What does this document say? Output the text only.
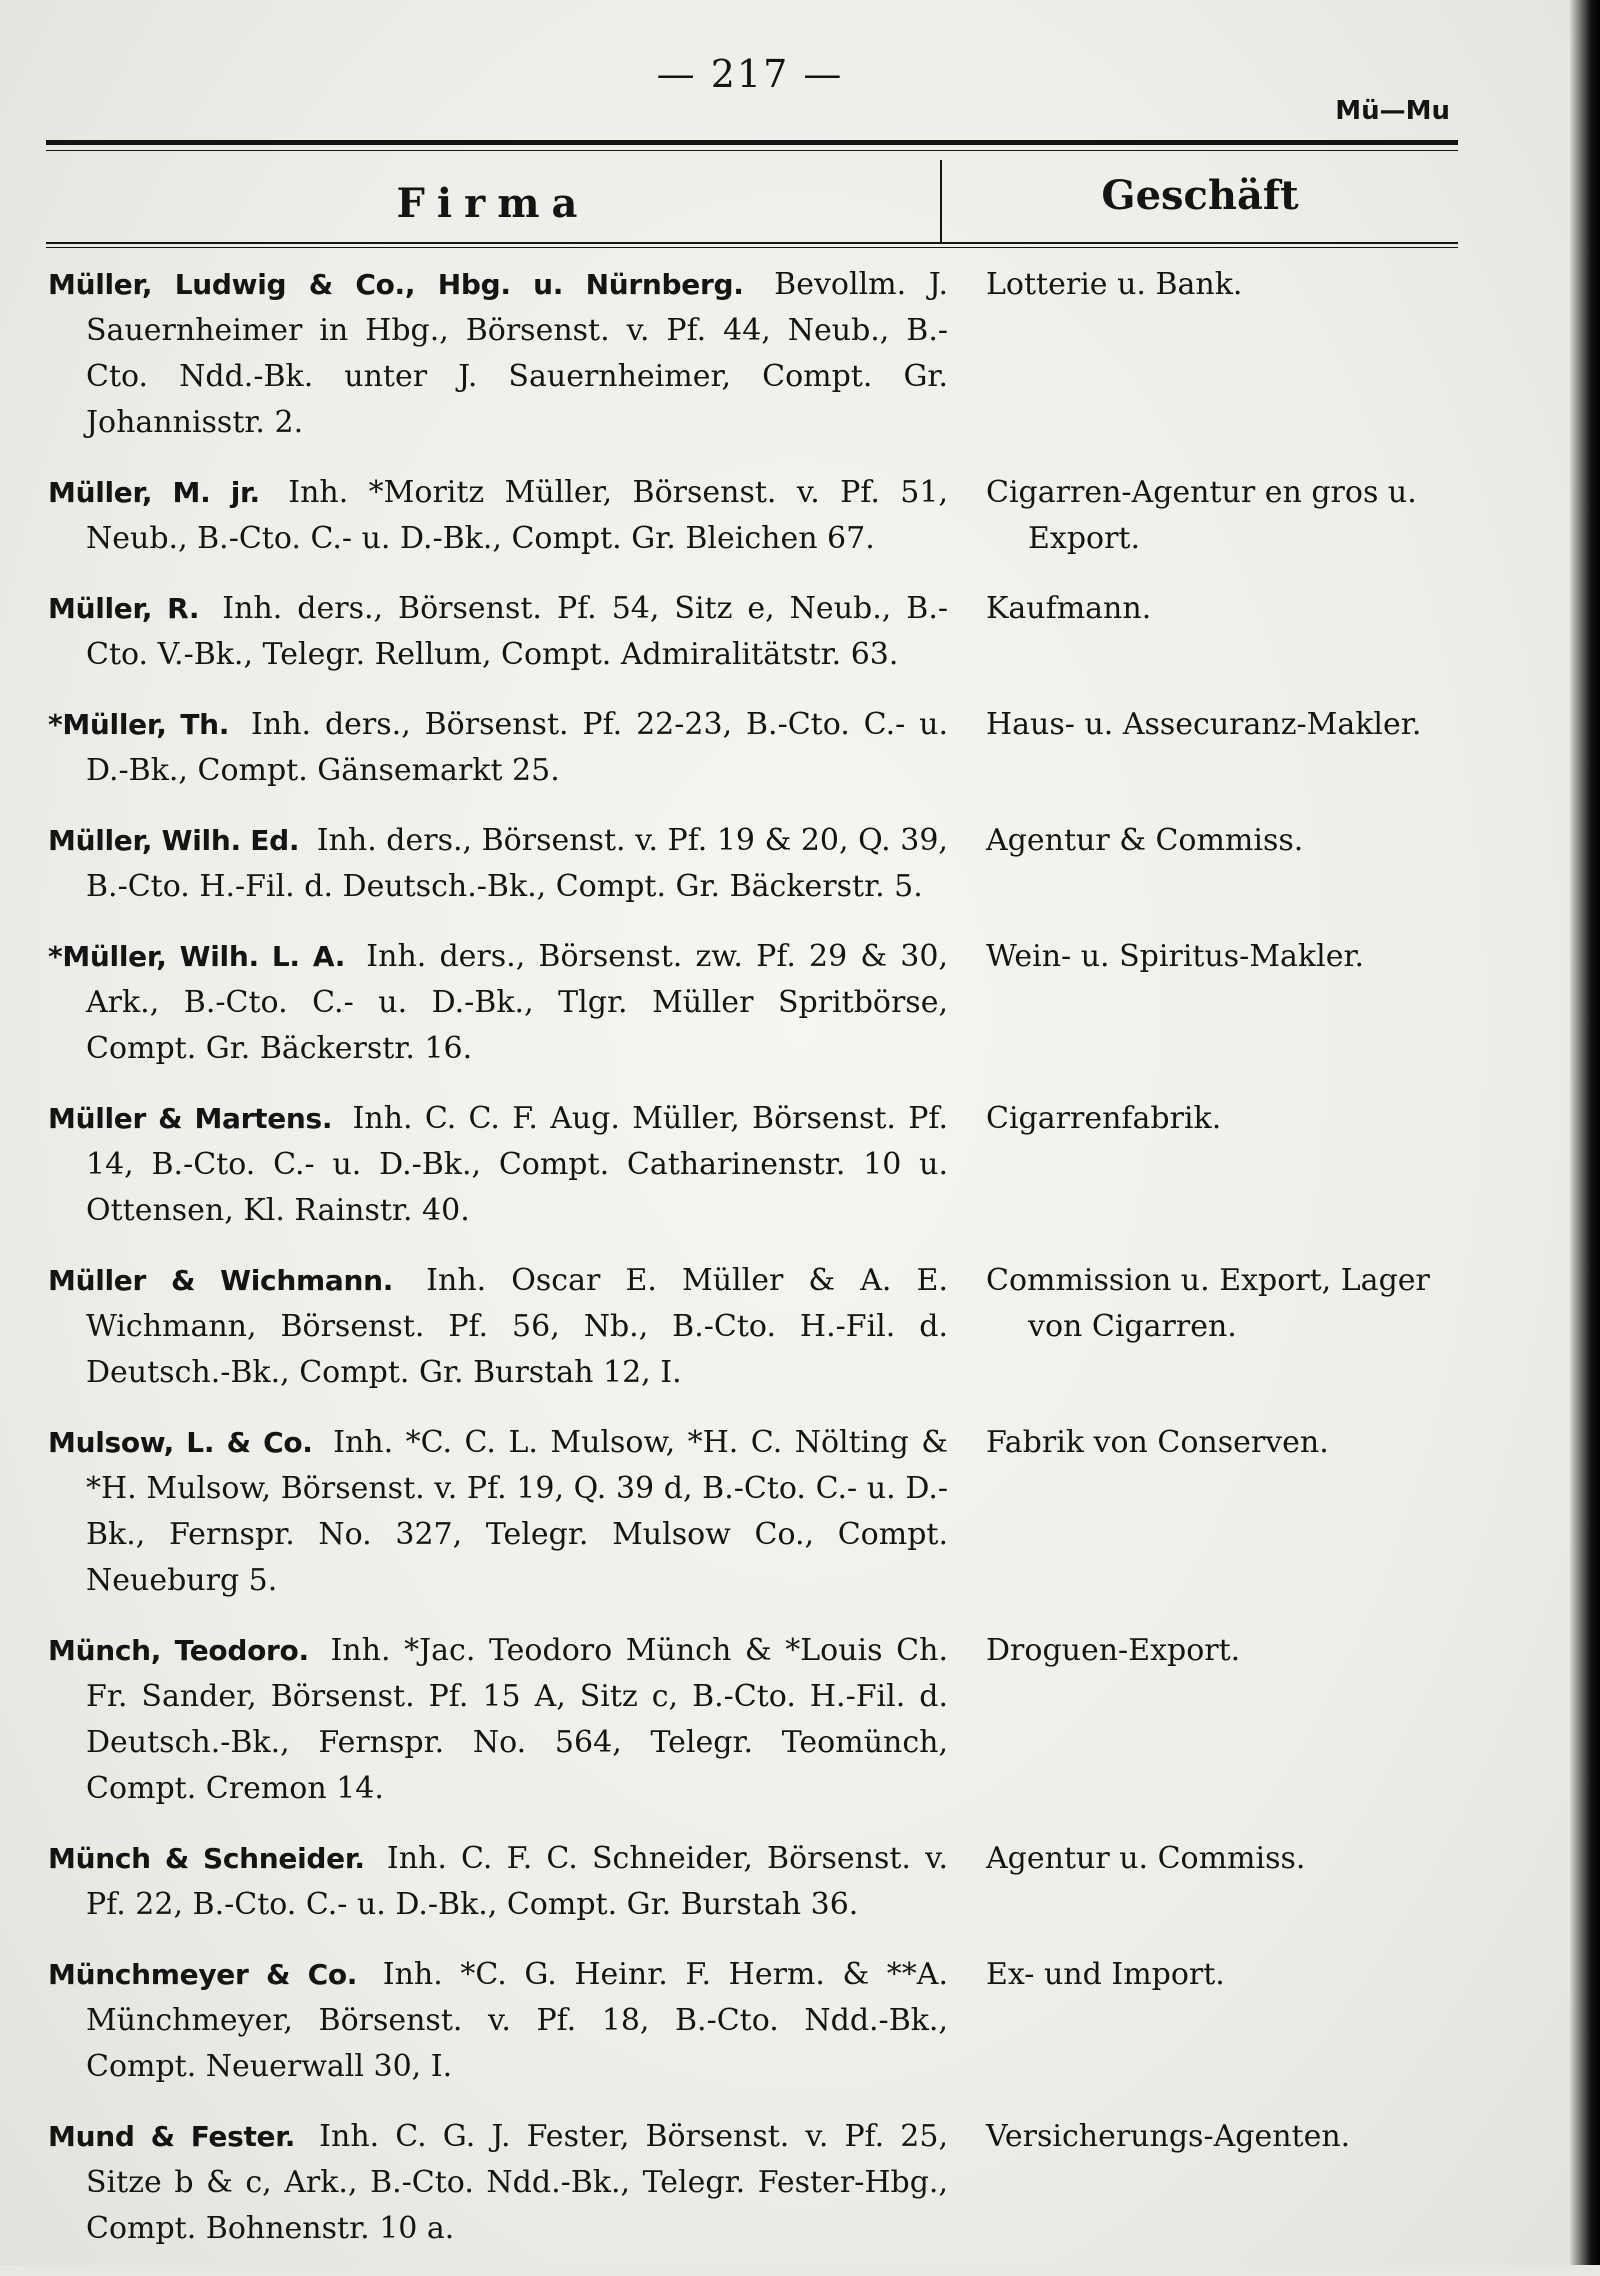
— 217 —
Mü—Mu
Firma	Geschäft
Müller, Ludwig & Co., Hbg. u. Nürnberg. Bevollm. J. Sauernheimer in Hbg., Börsenst. v. Pf. 44, Neub., B.-Cto. Ndd.-Bk. unter J. Sauernheimer, Compt. Gr. Johannisstr. 2.
Lotterie u. Bank.
Müller, M. jr. Inh. *Moritz Müller, Börsenst. v. Pf. 51, Neub., B.-Cto. C.- u. D.-Bk., Compt. Gr. Bleichen 67.
Cigarren-Agentur en gros u. Export.
Müller, R. Inh. ders., Börsenst. Pf. 54, Sitz e, Neub., B.-Cto. V.-Bk., Telegr. Rellum, Compt. Admiralitätstr. 63.
Kaufmann.
*Müller, Th. Inh. ders., Börsenst. Pf. 22-23, B.-Cto. C.- u. D.-Bk., Compt. Gänsemarkt 25.
Haus- u. Assecuranz-Makler.
Müller, Wilh. Ed. Inh. ders., Börsenst. v. Pf. 19 & 20, Q. 39, B.-Cto. H.-Fil. d. Deutsch.-Bk., Compt. Gr. Bäckerstr. 5.
Agentur & Commiss.
*Müller, Wilh. L. A. Inh. ders., Börsenst. zw. Pf. 29 & 30, Ark., B.-Cto. C.- u. D.-Bk., Tlgr. Müller Spritbörse, Compt. Gr. Bäckerstr. 16.
Wein- u. Spiritus-Makler.
Müller & Martens. Inh. C. C. F. Aug. Müller, Börsenst. Pf. 14, B.-Cto. C.- u. D.-Bk., Compt. Catharinenstr. 10 u. Ottensen, Kl. Rainstr. 40.
Cigarrenfabrik.
Müller & Wichmann. Inh. Oscar E. Müller & A. E. Wichmann, Börsenst. Pf. 56, Nb., B.-Cto. H.-Fil. d. Deutsch.-Bk., Compt. Gr. Burstah 12, I.
Commission u. Export, Lager von Cigarren.
Mulsow, L. & Co. Inh. *C. C. L. Mulsow, *H. C. Nölting & *H. Mulsow, Börsenst. v. Pf. 19, Q. 39 d, B.-Cto. C.- u. D.-Bk., Fernspr. No. 327, Telegr. Mulsow Co., Compt. Neueburg 5.
Fabrik von Conserven.
Münch, Teodoro. Inh. *Jac. Teodoro Münch & *Louis Ch. Fr. Sander, Börsenst. Pf. 15 A, Sitz c, B.-Cto. H.-Fil. d. Deutsch.-Bk., Fernspr. No. 564, Telegr. Teomünch, Compt. Cremon 14.
Droguen-Export.
Münch & Schneider. Inh. C. F. C. Schneider, Börsenst. v. Pf. 22, B.-Cto. C.- u. D.-Bk., Compt. Gr. Burstah 36.
Agentur u. Commiss.
Münchmeyer & Co. Inh. *C. G. Heinr. F. Herm. & **A. Münchmeyer, Börsenst. v. Pf. 18, B.-Cto. Ndd.-Bk., Compt. Neuerwall 30, I.
Ex- und Import.
Mund & Fester. Inh. C. G. J. Fester, Börsenst. v. Pf. 25, Sitze b & c, Ark., B.-Cto. Ndd.-Bk., Telegr. Fester-Hbg., Compt. Bohnenstr. 10 a.
Versicherungs-Agenten.
